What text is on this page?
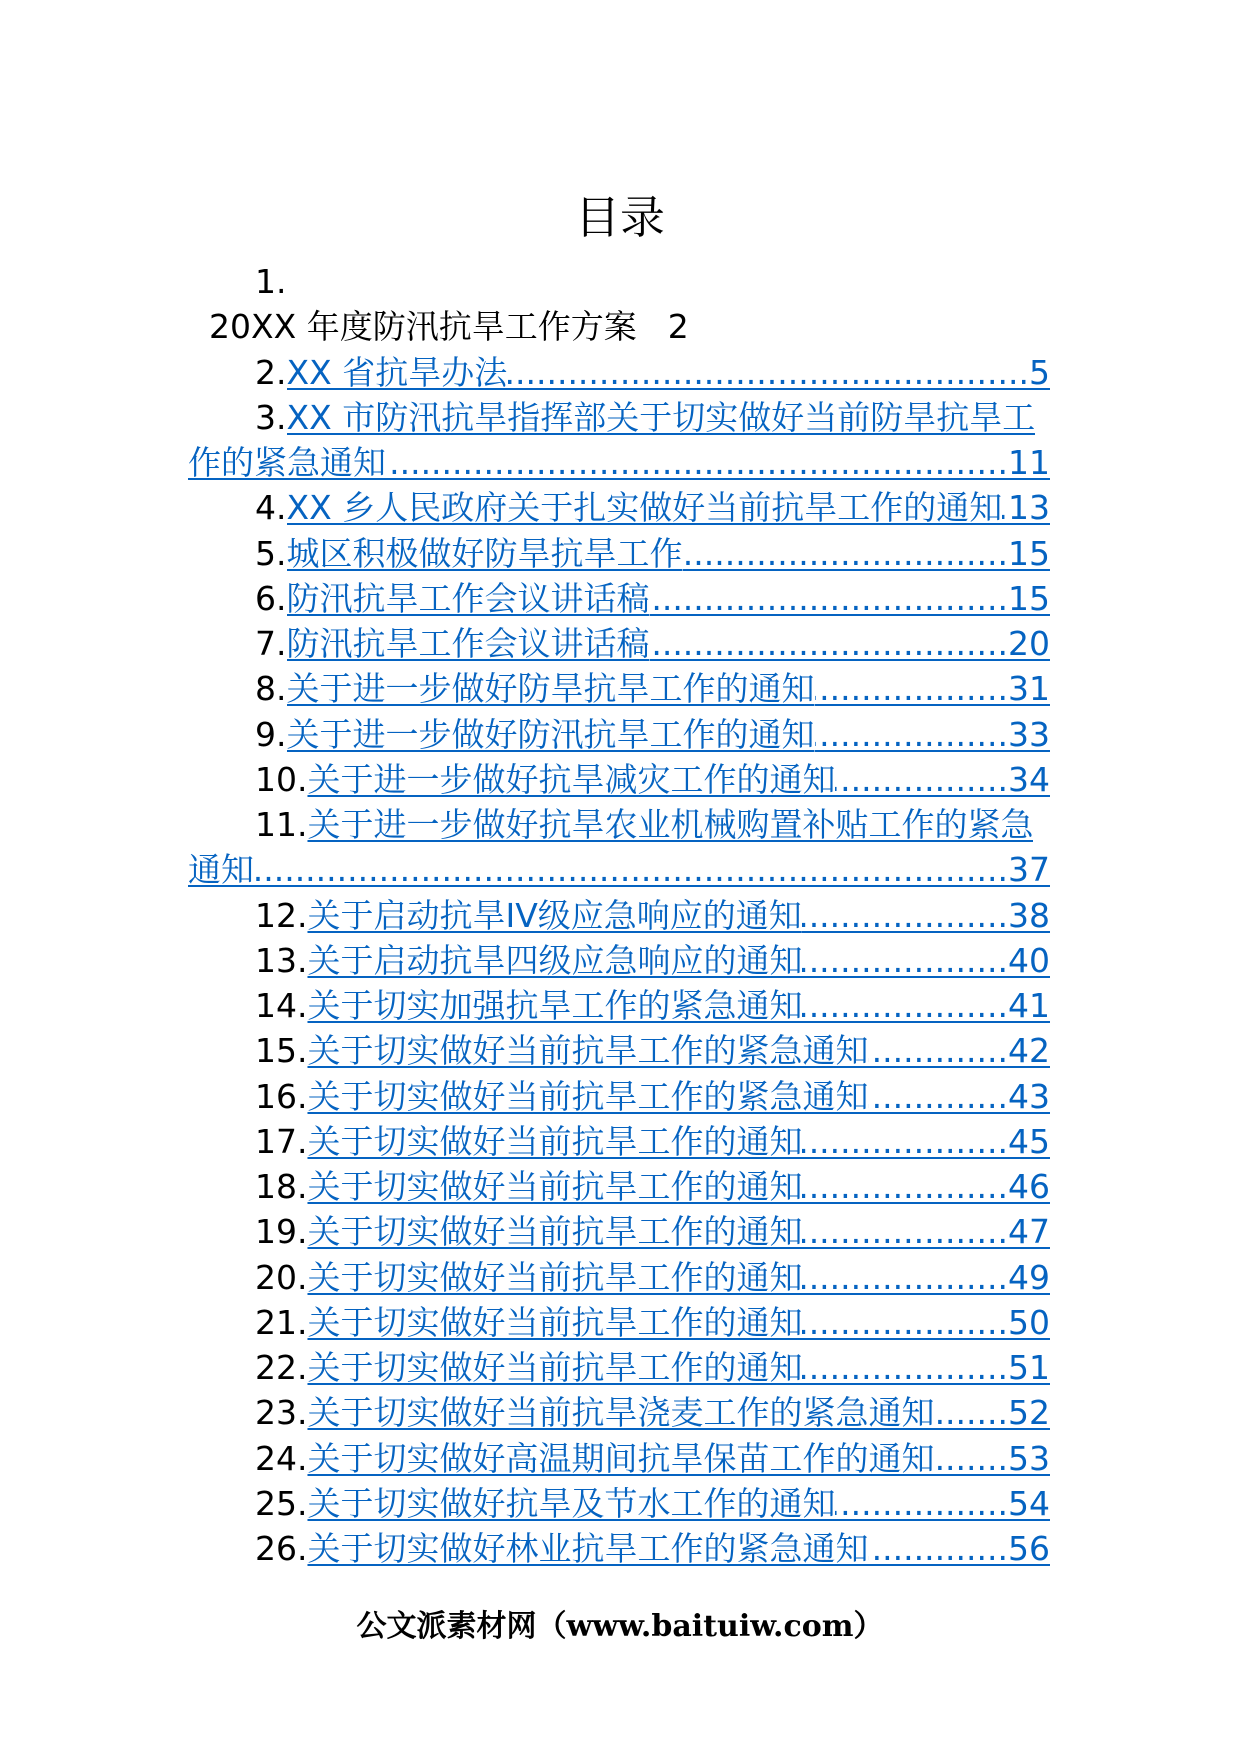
目录
1.
20XX 年度防汛抗旱工作方案 2
2. XX 省抗旱办法 .....	5
3. XX 市防汛抗旱指挥部关于切实做好当前防旱抗旱工
作的紧急通知 .....	11
4. XX 乡人民政府关于扎实做好当前抗旱工作的通知 ..... 13
5. 城区积极做好防旱抗旱工作 .....	15
6. 防汛抗旱工作会议讲话稿 .....	15
7. 防汛抗旱工作会议讲话稿 .....	20
8. 关于进一步做好防旱抗旱工作的通知 .....	31
9. 关于进一步做好防汛抗旱工作的通知 .....	33
10. 关于进一步做好抗旱减灾工作的通知 .....	34
11. 关于进一步做好抗旱农业机械购置补贴工作的紧急
通知 .....	37
12. 关于启动抗旱IV级应急响应的通知 .....	38
13. 关于启动抗旱四级应急响应的通知 .....	40
14. 关于切实加强抗旱工作的紧急通知 .....	41
15. 关于切实做好当前抗旱工作的紧急通知 .....	42
16. 关于切实做好当前抗旱工作的紧急通知 .....	43
17. 关于切实做好当前抗旱工作的通知 .....	45
18. 关于切实做好当前抗旱工作的通知 .....	46
19. 关于切实做好当前抗旱工作的通知 .....	47
20. 关于切实做好当前抗旱工作的通知 .....	49
21. 关于切实做好当前抗旱工作的通知 .....	50
22. 关于切实做好当前抗旱工作的通知 .....	51
23. 关于切实做好当前抗旱浇麦工作的紧急通知 ..... 52
24. 关于切实做好高温期间抗旱保苗工作的通知 ..... 53
25. 关于切实做好抗旱及节水工作的通知 .....	54
26. 关于切实做好林业抗旱工作的紧急通知 .....	56
公文派素材网（www.baituiw.com）
